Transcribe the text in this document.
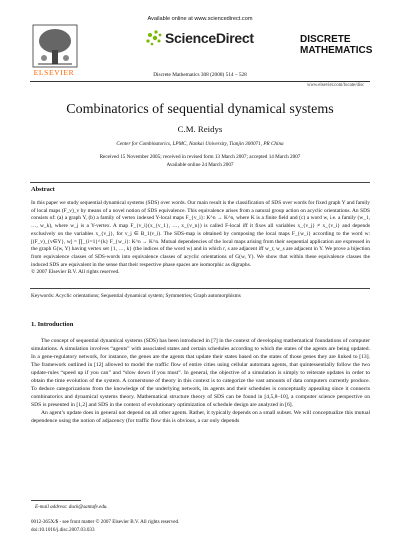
Available online at www.sciencedirect.com
ELSEVIER
ScienceDirect
Discrete Mathematics 308 (2008) 514 – 528
DISCRETE
MATHEMATICS
www.elsevier.com/locate/disc
Combinatorics of sequential dynamical systems
C.M. Reidys
Center for Combinatorics, LPMC, Nankai University, Tianjin 300071, PR China
Received 15 November 2005; received in revised form 13 March 2007; accepted 14 March 2007
Available online 24 March 2007
Abstract
In this paper we study sequential dynamical systems (SDS) over words. Our main result is the classification of SDS over words for fixed graph Y and family of local maps (F_v)_v by means of a novel notion of SDS equivalence. This equivalence arises from a natural group action on acyclic orientations. An SDS consists of: (a) a graph Y, (b) a family of vertex indexed Y-local maps F_{v_i}: K^n → K^n, where K is a finite field and (c) a word w, i.e. a family (w_1, …, w_k), where w_j is a Y-vertex. A map F_{v_i}(x_{v_1}, …, x_{v_n}) is called F-local iff it fixes all variables x_{v_j} ≠ x_{v_i} and depends exclusively on the variables x_{v_j}, for v_j ∈ B_1(v_i). The SDS-map is obtained by composing the local maps F_{w_i} according to the word w: [(F_v)_{v∈Y}, w] = ∏_{i=1}^{k} F_{w_i}: K^n → K^n. Mutual dependencies of the local maps arising from their sequential application are expressed in the graph G(w, Y) having vertex set {1, …, k} (the indices of the word w) and in which r, s are adjacent iff w_r, w_s are adjacent in Y. We prove a bijection from equivalence classes of SDS-words into equivalence classes of acyclic orientations of G(w, Y). We show that within these equivalence classes the induced SDS are equivalent in the sense that their respective phase spaces are isomorphic as digraphs.
© 2007 Elsevier B.V. All rights reserved.
Keywords: Acyclic orientations; Sequential dynamical system; Symmetries; Graph automorphisms
1. Introduction

The concept of sequential dynamical systems (SDS) has been introduced in [7] in the context of developing mathematical foundations of computer simulations. A simulation involves “agents” with associated states and certain schedules according to which the states of the agents are being updated. In a gene-regulatory network, for instance, the genes are the agents that update their states based on the states of those genes they are linked to [13]. The framework outlined in [12] allowed to model the traffic flow of entire cities using cellular automata agents, that quintessentially follow the two update-rules “speed up if you can” and “slow down if you must”. In general, the objective of a simulation is simply to reiterate updates in order to obtain the time evolution of the system. A cornerstone of theory in this context is to categorize the vast amounts of data computers currently produce. To deduce categorizations from the knowledge of the underlying network, its agents and their schedules is conceptually appealing since it connects combinatorics and dynamical systems theory. Mathematical structure theory of SDS can be found in [4,5,8–10], a computer science perspective on SDS is presented in [1,2] and SDS in the context of evolutionary optimization of schedule design are analyzed in [6].

An agent’s update does in general not depend on all other agents. Rather, it typically depends on a small subset. We will conceptualize this mutual dependence using the notion of adjacency (for traffic flow this is obvious, a car only depends

E-mail address: duck@santafe.edu.
0012-365X/$ - see front matter © 2007 Elsevier B.V. All rights reserved.
doi:10.1016/j.disc.2007.03.033
